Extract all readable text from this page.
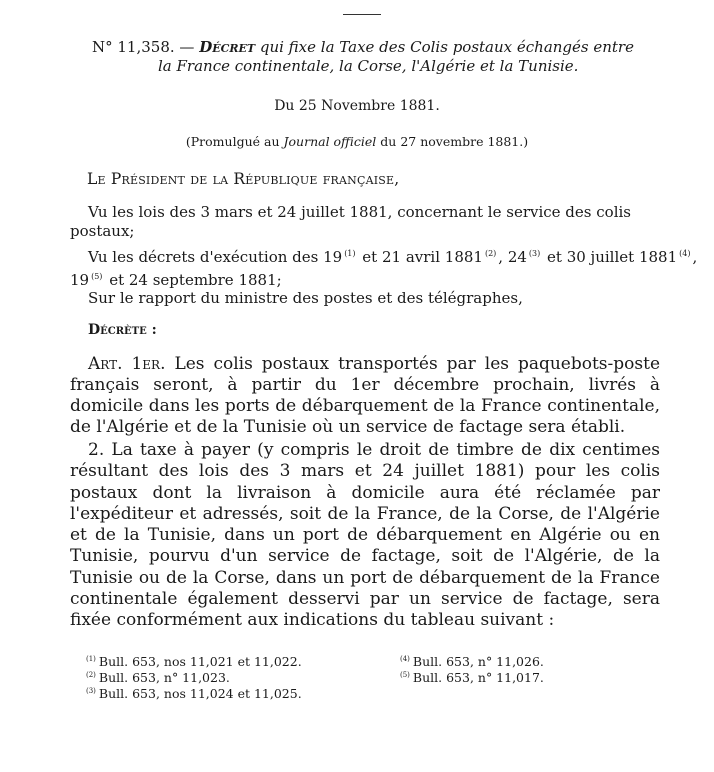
N° 11,358. — Décret qui fixe la Taxe des Colis postaux échangés entre
la France continentale, la Corse, l'Algérie et la Tunisie.
Du 25 Novembre 1881.
(Promulgué au Journal officiel du 27 novembre 1881.)
Le Président de la République française,
Vu les lois des 3 mars et 24 juillet 1881, concernant le service des colis postaux;
Vu les décrets d'exécution des 19 $^{(1)}$ et 21 avril 1881 $^{(2)}$ , 24 $^{(3)}$ et 30 juillet 1881 $^{(4)}$ , 19 $^{(5)}$ et 24 septembre 1881;
Sur le rapport du ministre des postes et des télégraphes,
Décrète :
Art. 1er. Les colis postaux transportés par les paquebots-poste français seront, à partir du 1er décembre prochain, livrés à domicile dans les ports de débarquement de la France continentale, de l'Algérie et de la Tunisie où un service de factage sera établi.
2. La taxe à payer (y compris le droit de timbre de dix centimes résultant des lois des 3 mars et 24 juillet 1881) pour les colis postaux dont la livraison à domicile aura été réclamée par l'expéditeur et adressés, soit de la France, de la Corse, de l'Algérie et de la Tunisie, dans un port de débarquement en Algérie ou en Tunisie, pourvu d'un service de factage, soit de l'Algérie, de la Tunisie ou de la Corse, dans un port de débarquement de la France continentale également desservi par un service de factage, sera fixée conformément aux indications du tableau suivant :
$^{(1)}$ Bull. 653, nos 11,021 et 11,022.
$^{(2)}$ Bull. 653, n° 11,023.
$^{(3)}$ Bull. 653, nos 11,024 et 11,025.
$^{(4)}$ Bull. 653, n° 11,026.
$^{(5)}$ Bull. 653, n° 11,017.
